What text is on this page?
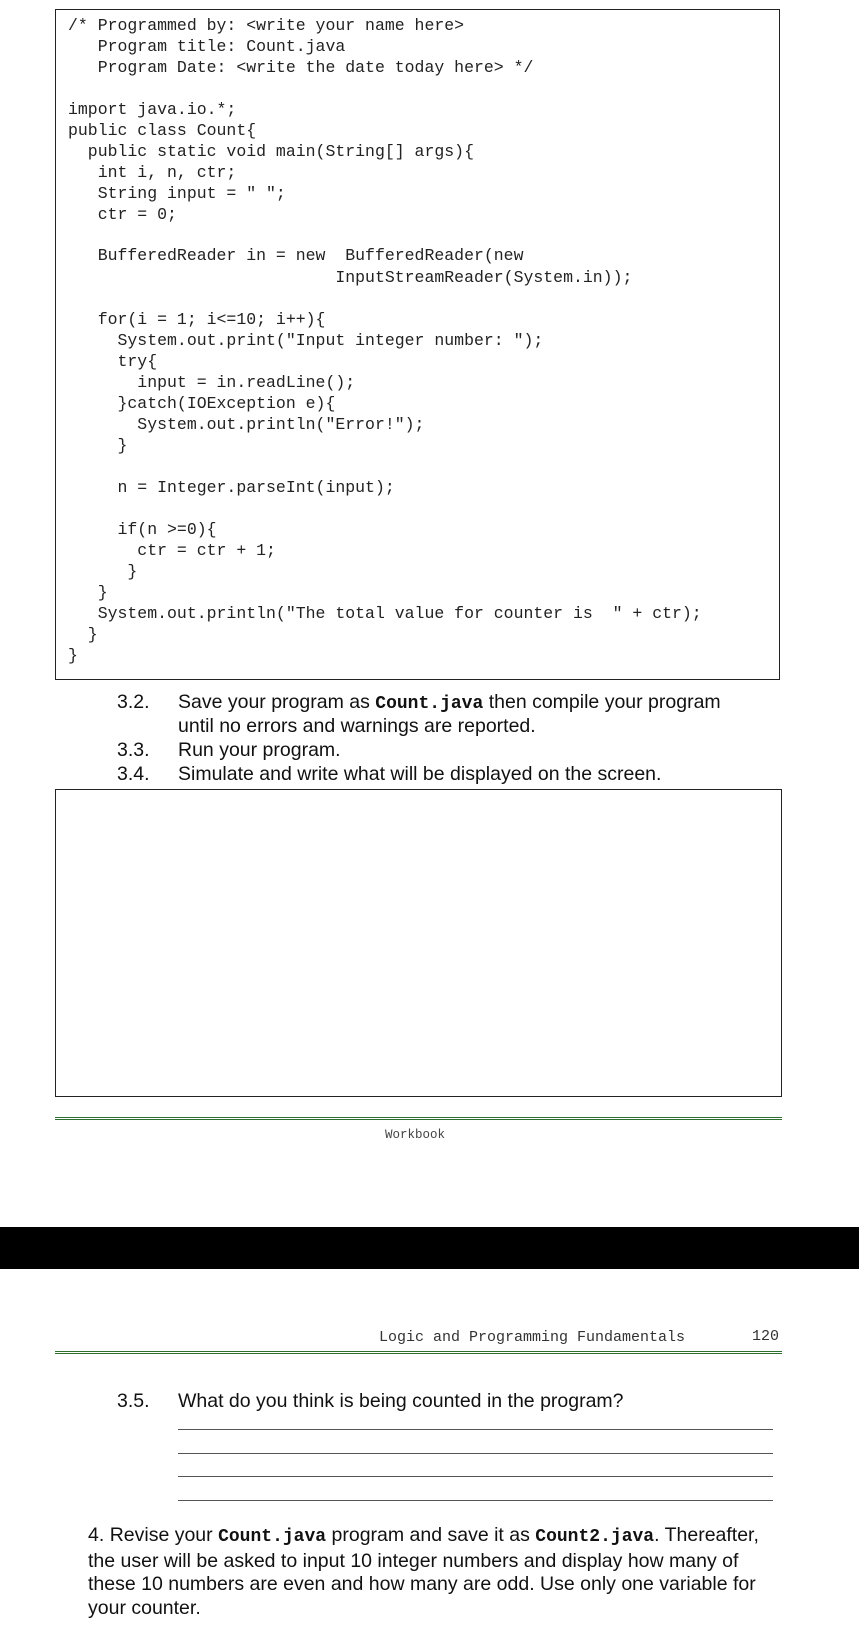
/* Programmed by: <write your name here>
Program title: Count.java
Program Date: <write the date today here> */
import java.io.*;
public class Count{
public static void main(String[] args){
int i, n, ctr;
String input = " ";
ctr = 0;
BufferedReader in = new  BufferedReader(new
InputStreamReader(System.in));
for(i = 1; i<=10; i++){
System.out.print("Input integer number: ");
try{
input = in.readLine();
}catch(IOException e){
System.out.println("Error!");
}
n = Integer.parseInt(input);
if(n >=0){
ctr = ctr + 1;
}
}
System.out.println("The total value for counter is  " + ctr);
}
}
3.2. Save your program as Count.java then compile your program
until no errors and warnings are reported.
3.3. Run your program.
3.4. Simulate and write what will be displayed on the screen.
Workbook
Logic and Programming Fundamentals	120
3.5. What do you think is being counted in the program?
4. Revise your Count.java program and save it as Count2.java. Thereafter, the user will be asked to input 10 integer numbers and display how many of these 10 numbers are even and how many are odd. Use only one variable for your counter.
